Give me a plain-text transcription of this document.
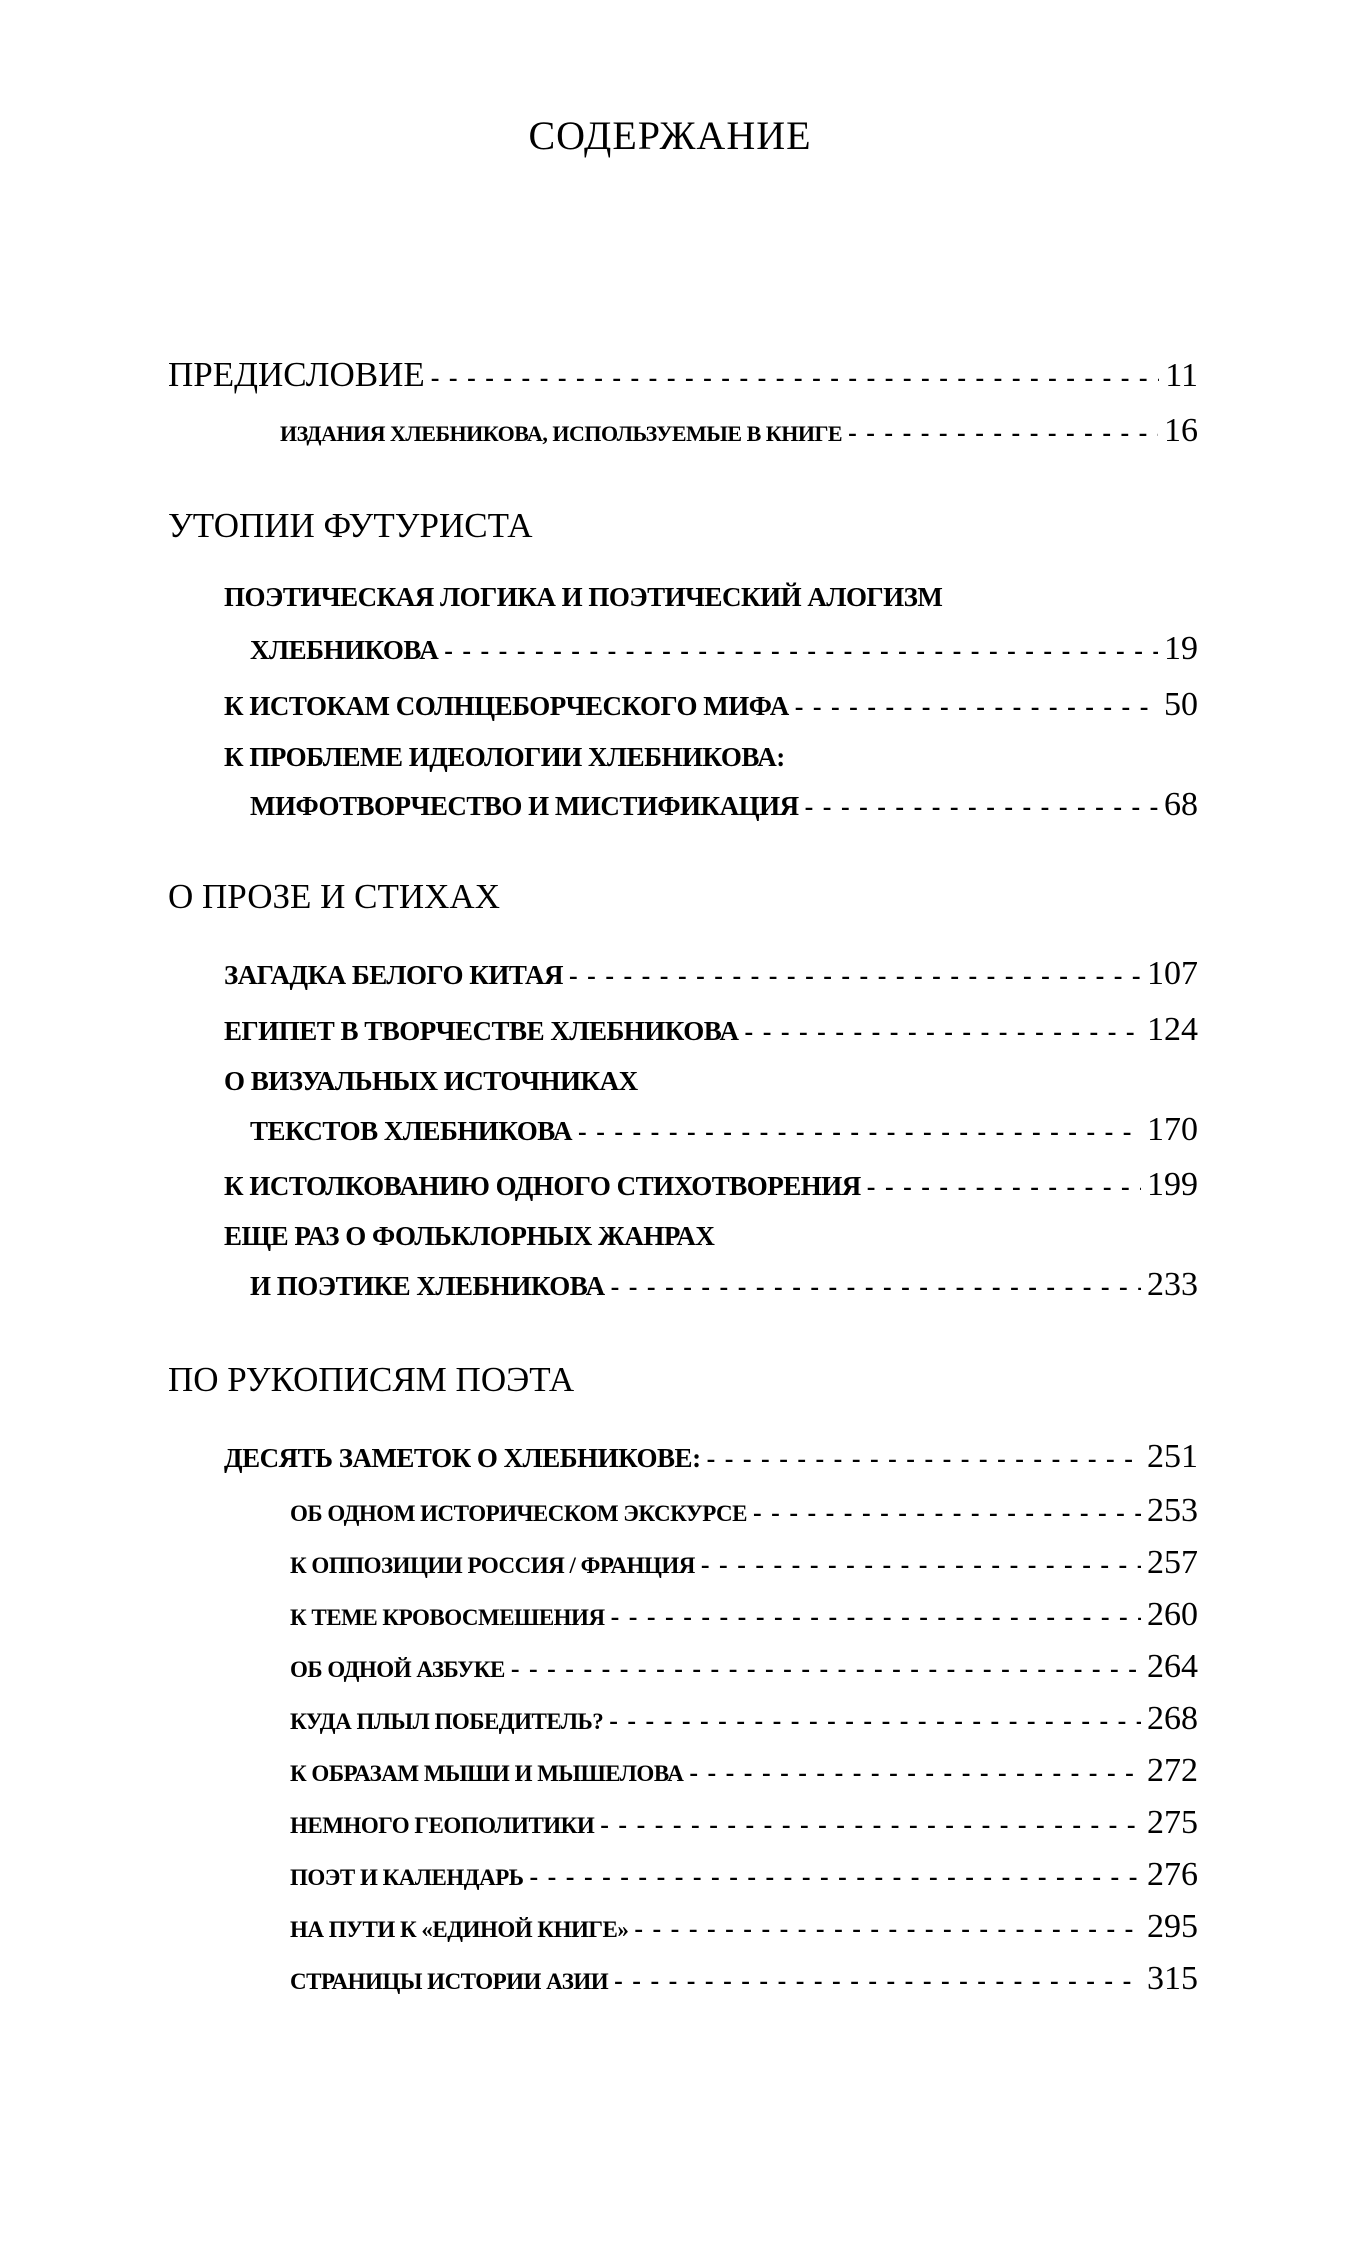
СОДЕРЖАНИЕ
ПРЕДИСЛОВИЕ - - -	11
ИЗДАНИЯ ХЛЕБНИКОВА, ИСПОЛЬЗУЕМЫЕ В КНИГЕ - - -	16
УТОПИИ ФУТУРИСТА
ПОЭТИЧЕСКАЯ ЛОГИКА И ПОЭТИЧЕСКИЙ АЛОГИЗМ
ХЛЕБНИКОВА - - -	19
К ИСТОКАМ СОЛНЦЕБОРЧЕСКОГО МИФА - - -	50
К ПРОБЛЕМЕ ИДЕОЛОГИИ ХЛЕБНИКОВА:
МИФОТВОРЧЕСТВО И МИСТИФИКАЦИЯ - - -	68
О ПРОЗЕ И СТИХАХ
ЗАГАДКА БЕЛОГО КИТАЯ - - -	107
ЕГИПЕТ В ТВОРЧЕСТВЕ ХЛЕБНИКОВА - - -	124
О ВИЗУАЛЬНЫХ ИСТОЧНИКАХ
ТЕКСТОВ ХЛЕБНИКОВА - - -	170
К ИСТОЛКОВАНИЮ ОДНОГО СТИХОТВОРЕНИЯ - - -	199
ЕЩЕ РАЗ О ФОЛЬКЛОРНЫХ ЖАНРАХ
И ПОЭТИКЕ ХЛЕБНИКОВА - - -	233
ПО РУКОПИСЯМ ПОЭТА
ДЕСЯТЬ ЗАМЕТОК О ХЛЕБНИКОВЕ: - - -	251
ОБ ОДНОМ ИСТОРИЧЕСКОМ ЭКСКУРСЕ - - -	253
К ОППОЗИЦИИ РОССИЯ / ФРАНЦИЯ - - -	257
К ТЕМЕ КРОВОСМЕШЕНИЯ - - -	260
ОБ ОДНОЙ АЗБУКЕ - - -	264
КУДА ПЛЫЛ ПОБЕДИТЕЛЬ? - - -	268
К ОБРАЗАМ МЫШИ И МЫШЕЛОВА - - -	272
НЕМНОГО ГЕОПОЛИТИКИ - - -	275
ПОЭТ И КАЛЕНДАРЬ - - -	276
НА ПУТИ К «ЕДИНОЙ КНИГЕ» - - -	295
СТРАНИЦЫ ИСТОРИИ АЗИИ - - -	315
